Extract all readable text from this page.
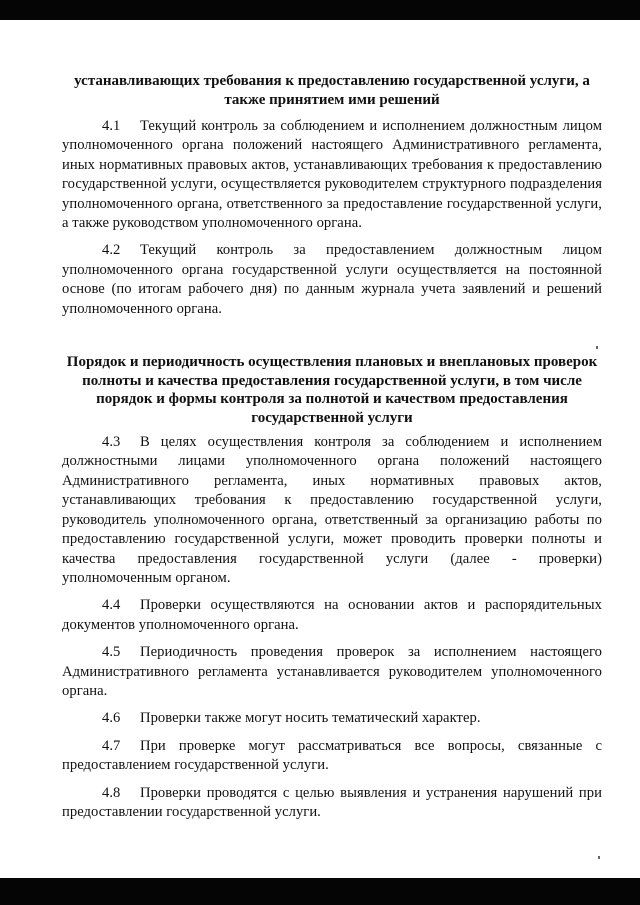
устанавливающих требования к предоставлению государственной услуги, а также принятием ими решений

4.1 Текущий контроль за соблюдением и исполнением должностным лицом уполномоченного органа положений настоящего Административного регламента, иных нормативных правовых актов, устанавливающих требования к предоставлению государственной услуги, осуществляется руководителем структурного подразделения уполномоченного органа, ответственного за предоставление государственной услуги, а также руководством уполномоченного органа.

4.2 Текущий контроль за предоставлением должностным лицом уполномоченного органа государственной услуги осуществляется на постоянной основе (по итогам рабочего дня) по данным журнала учета заявлений и решений уполномоченного органа.

Порядок и периодичность осуществления плановых и внеплановых проверок полноты и качества предоставления государственной услуги, в том числе порядок и формы контроля за полнотой и качеством предоставления государственной услуги

4.3 В целях осуществления контроля за соблюдением и исполнением должностными лицами уполномоченного органа положений настоящего Административного регламента, иных нормативных правовых актов, устанавливающих требования к предоставлению государственной услуги, руководитель уполномоченного органа, ответственный за организацию работы по предоставлению государственной услуги, может проводить проверки полноты и качества предоставления государственной услуги (далее - проверки) уполномоченным органом.

4.4 Проверки осуществляются на основании актов и распорядительных документов уполномоченного органа.

4.5 Периодичность проведения проверок за исполнением настоящего Административного регламента устанавливается руководителем уполномоченного органа.

4.6 Проверки также могут носить тематический характер.

4.7 При проверке могут рассматриваться все вопросы, связанные с предоставлением государственной услуги.

4.8 Проверки проводятся с целью выявления и устранения нарушений при предоставлении государственной услуги.
